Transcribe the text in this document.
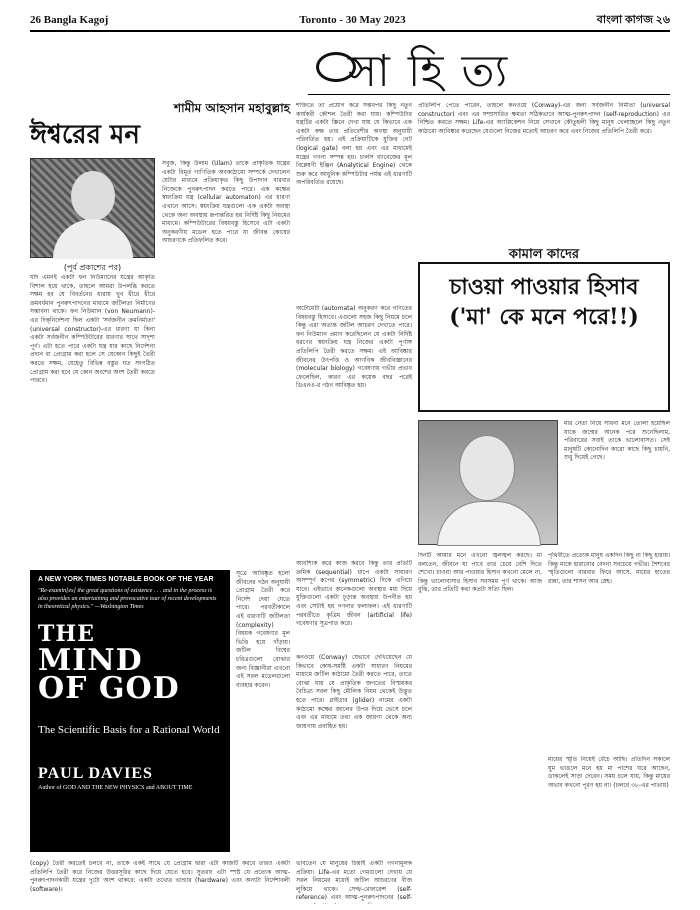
26 Bangla Kagoj	Toronto - 30 May 2023	বাংলা কাগজ ২৬
সাহিত্য
শামীম আহসান মহাবুল্লাহ
ঈশ্বরের মন
(পূর্ব প্রকাশের পর)
যদি এমনই একটা ফন নিউম্যানের যন্ত্রের আকৃতি বিশাল হয়ে থাকে, তাহলে আমরা উপলব্ধি করতে সক্ষম হব যে বিবর্তনের ধারায় খুব ধীরে ধীরে ক্রমবর্ধমান পুনরুৎপাদনের মাধ্যমে জটিলতা নির্মাণের সম্ভাবনা থাকে। ফন নিউম্যান (von Neumann)-এর দিক্‌নির্দেশনা ছিল একটা 'সর্বজনীন ক্রমনির্মাতা' (universal constructor)-এর ধারণা যা কিনা একটা সর্বজনীন কম্পিউটারের ধারণার সাথে সাদৃশ্য পূর্ণ। এটা হতে পারে একটা যন্ত্র যার কাছে নির্দেশনা প্রদান বা প্রোগ্রাম করা হলে সে যেকোন কিছুই তৈরী করতে সক্ষম, যেহেতু বিভিন্ন বস্তুর যত সংগঠিত প্রোগ্রাম করা হবে যে কোন অংশের অংশ তৈরী করতে পারবে।
সবুজ, কিন্তু উলাম (Ulam) তাকে প্রাকৃতিক যন্ত্রের একটা বিমূর্ত গাণিতিক অবকাঠামো সম্পর্কে দেখালেন যেটার মাধ্যমে প্রক্রিয়াকৃত কিছু উপাদান বারবার নিজেকে পুনরুৎপাদন করতে পারে। এক কক্ষের স্বয়ংক্রিয় যন্ত্র (cellular automaton) এর ধারণা এখানে আসে। স্বয়ংক্রিয় যন্ত্রগুলো এক একটা অবস্থা থেকে অন্য অবস্থায় রূপান্তরিত হয় নির্দিষ্ট কিছু নিয়মের মাধ্যমে। কম্পিউটারের বিষয়বস্তু হিসেবে এটা একটা অনুকরণীয় মডেল হতে পারে যা জীবন্ত কোষের আচরণকে প্রতিফলিত করে।
শক্তিতে তা প্রয়োগ করে সম্ভবপর কিছু নতুন কার্যকরী কৌশল তৈরী করা যায়। কম্পিউটার যন্ত্রটির একটা স্ক্রিনে দেখা যায় যে কিভাবে এক একটা কক্ষ তার প্রতিবেশীর অবস্থা অনুযায়ী পরিবর্তিত হয়। এই প্রক্রিয়াটিকে যুক্তির গেট (logical gate) বলা হয় এবং এর মাধ্যমেই যন্ত্রের গণনা সম্পন্ন হয়। চার্লস ব্যাবেজের মূল বিশ্লেষণী ইঞ্জিন (Analytical Engine) থেকে শুরু করে আধুনিক কম্পিউটার পর্যন্ত এই ধারণাটি অপরিবর্তিত রয়েছে।
প্রতিলিপি পেতে পারেন, তাহলে কনওয়ে (Conway)-এর জন্য সর্বজনীন নির্মাতা (universal constructor) এবং এর সম্প্রসারিত ক্ষমতা সঠিকভাবে আত্ম-পুনরুৎপাদন (self-reproduction) এর নিশ্চিত করতে সক্ষম। Life-এর অ্যাপ্লিকেশন নিয়ে সেখানে কৌতুহলী কিছু মানুষ খেলাচ্ছলে কিছু নতুন কাঠামো আবিষ্কার করেছেন যেগুলো নিজের মতোই আচরণ করে এবং নিজের প্রতিলিপি তৈরী করে।
অটোমেটা (automata) অনুকরণ করে গণিতের বিষয়বস্তু হিসাবে। এগুলো সহজ কিছু নিয়মে চলে কিন্তু এরা অত্যন্ত জটিল আচরণ দেখাতে পারে। ফন নিউম্যান প্রমাণ করেছিলেন যে একটা নির্দিষ্ট ধরণের স্বয়ংক্রিয় যন্ত্র নিজের একটা পূর্ণাঙ্গ প্রতিলিপি তৈরী করতে সক্ষম। এই আবিষ্কার জীবনের উৎপত্তি ও আণবিক জীববিজ্ঞানের (molecular biology) গবেষণায় গভীর প্রভাব ফেলেছিল, কারণ এর কয়েক বছর পরেই ডিএনএ-র গঠন আবিষ্কৃত হয়।
সূত্রে আবিষ্কৃত হলো জীবনের গঠন অনুযায়ী প্রোগ্রাম তৈরী করে নির্দেশ দেয়া যেতে পারে। পরবর্তীকালে এই ধারণাটি জটিলতা (complexity) বিষয়ক গবেষণার মূল ভিত্তি হয়ে দাঁড়ায়। জটিল বিশ্বের চরিত্রগুলো বোঝার জন্য বিজ্ঞানীরা এখনো এই সরল মডেলগুলো ব্যবহার করেন।
আবশ্যিক করে কাজ করবে কিন্তু তার প্রতিটি ক্রমিক (sequential) ধাপে একটা সাধারণ অসম্পূর্ণ রূপের (symmetric) দিকে এগিয়ে যাবে। এইভাবে অনেকগুলো অবস্থার মধ্য দিয়ে যুক্তিগুলো একটা চূড়ান্ত অবস্থায় উপনীত হয় এবং সেটাই হয় গণনার ফলাফল। এই ধারণাটি পরবর্তীতে কৃত্রিম জীবন (artificial life) গবেষণার সূত্রপাত করে।
কনওয়ে (Conway) যেভাবে দেখিয়েছেন যে কিভাবে কোষ-সমষ্টি একটা সাধারণ নিয়মের মাধ্যমে জটিল কাঠামো তৈরী করতে পারে, তাতে বোঝা যায় যে প্রাকৃতিক জগতের বিস্ময়কর বৈচিত্র্য সরল কিছু মৌলিক নিয়ম থেকেই উদ্ভূত হতে পারে। গ্লাইডার (glider) নামের একটা কাঠামো কক্ষের জালের উপর দিয়ে ভেসে চলে এবং এর মাধ্যমে তথ্য এক জায়গা থেকে অন্য জায়গায় প্রবাহিত হয়।
(copy) তৈরী করতেই চলবে না, তাকে একই সাথে যে প্রোগ্রাম দ্বারা এটা কাজটি করবে তারও একটা প্রতিলিপি তৈরী করে নিজের উত্তরসূরির কাছে দিয়ে যেতে হবে। সুতরাং এটা স্পষ্ট যে প্রত্যেক আত্ম-পুনরুৎপাদনকারী যন্ত্রের দুটো অংশ থাকবে: একটা তথ্যের ভান্ডার (hardware) এবং অন্যটা নির্দেশাবলী (software)।
ভাবতেন যে মানুষের চিন্তাই একটা গণনামূলক প্রক্রিয়া। Life-এর মতো গেমগুলো দেখায় যে সরল নিয়মের মধ্যেই জটিল আচরণের বীজ লুকিয়ে থাকে। সেল্ফ-রেফারেন্স (self-reference) এবং আত্ম-পুনরুৎপাদনের (self-
A NEW YORK TIMES NOTABLE BOOK OF THE YEAR
"Re-examin[es] the great questions of existence . . . and in the process is also provides an entertaining and provocative tour of recent developments in theoretical physics." —Washington Times
THE
MIND
OF GOD
The Scientific Basis for a Rational World
PAUL DAVIES
Author of GOD AND THE NEW PHYSICS and ABOUT TIME
কামাল কাদের
চাওয়া পাওয়ার হিসাব
('মা' কে মনে পরে!!)
মার নেতা নিয়ে সাধনা মনে তোলা হয়েছিল যাকে জন্মের অনেক পরে শুনেছিলাম, পরিবারের সবাই তাকে ভালোবাসত। সেই মানুষটি কোনোদিন কারো কাছে কিছু চায়নি, শুধু দিয়েই গেছে।
দিনটি আমার মনে এখনো জ্বলজ্বল করছে। মা বলতেন, জীবনে যা পাবে তার চেয়ে বেশি দিতে শেখো। চাওয়া আর পাওয়ার হিসাব কখনো মেলে না, কিন্তু ভালোবাসার হিসাব সবসময় পূর্ণ থাকে। আজ বুঝি, তার প্রতিটি কথা কতটা সত্যি ছিল।
পৃথিবীতে প্রত্যেক মানুষ একদিন কিছু না কিছু হারায়। কিন্তু মাকে হারানোর বেদনা সবচেয়ে গভীর। শৈশবের স্মৃতিগুলো বারবার ফিরে আসে, মায়ের হাতের রান্না, তার শাসন আর স্নেহ।
মায়ের স্মৃতি নিয়েই বেঁচে আছি। প্রতিদিন সকালে ঘুম ভাঙলে মনে হয় মা পাশের ঘরে আছেন, ডাকলেই সাড়া দেবেন। সময় চলে যায়, কিন্তু মায়ের অভাব কখনো পূরণ হয় না। (চলবে ৩৮-এর পাতায়)
